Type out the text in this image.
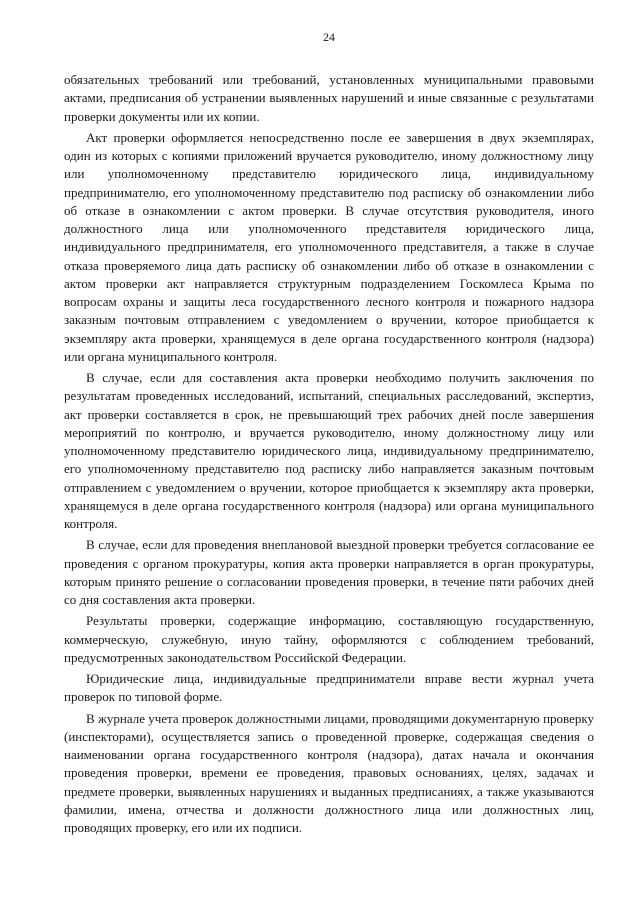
24

обязательных требований или требований, установленных муниципальными правовыми актами, предписания об устранении выявленных нарушений и иные связанные с результатами проверки документы или их копии.

Акт проверки оформляется непосредственно после ее завершения в двух экземплярах, один из которых с копиями приложений вручается руководителю, иному должностному лицу или уполномоченному представителю юридического лица, индивидуальному предпринимателю, его уполномоченному представителю под расписку об ознакомлении либо об отказе в ознакомлении с актом проверки. В случае отсутствия руководителя, иного должностного лица или уполномоченного представителя юридического лица, индивидуального предпринимателя, его уполномоченного представителя, а также в случае отказа проверяемого лица дать расписку об ознакомлении либо об отказе в ознакомлении с актом проверки акт направляется структурным подразделением Госкомлеса Крыма по вопросам охраны и защиты леса государственного лесного контроля и пожарного надзора заказным почтовым отправлением с уведомлением о вручении, которое приобщается к экземпляру акта проверки, хранящемуся в деле органа государственного контроля (надзора) или органа муниципального контроля.

В случае, если для составления акта проверки необходимо получить заключения по результатам проведенных исследований, испытаний, специальных расследований, экспертиз, акт проверки составляется в срок, не превышающий трех рабочих дней после завершения мероприятий по контролю, и вручается руководителю, иному должностному лицу или уполномоченному представителю юридического лица, индивидуальному предпринимателю, его уполномоченному представителю под расписку либо направляется заказным почтовым отправлением с уведомлением о вручении, которое приобщается к экземпляру акта проверки, хранящемуся в деле органа государственного контроля (надзора) или органа муниципального контроля.

В случае, если для проведения внеплановой выездной проверки требуется согласование ее проведения с органом прокуратуры, копия акта проверки направляется в орган прокуратуры, которым принято решение о согласовании проведения проверки, в течение пяти рабочих дней со дня составления акта проверки.

Результаты проверки, содержащие информацию, составляющую государственную, коммерческую, служебную, иную тайну, оформляются с соблюдением требований, предусмотренных законодательством Российской Федерации.

Юридические лица, индивидуальные предприниматели вправе вести журнал учета проверок по типовой форме.

В журнале учета проверок должностными лицами, проводящими документарную проверку (инспекторами), осуществляется запись о проведенной проверке, содержащая сведения о наименовании органа государственного контроля (надзора), датах начала и окончания проведения проверки, времени ее проведения, правовых основаниях, целях, задачах и предмете проверки, выявленных нарушениях и выданных предписаниях, а также указываются фамилии, имена, отчества и должности должностного лица или должностных лиц, проводящих проверку, его или их подписи.
